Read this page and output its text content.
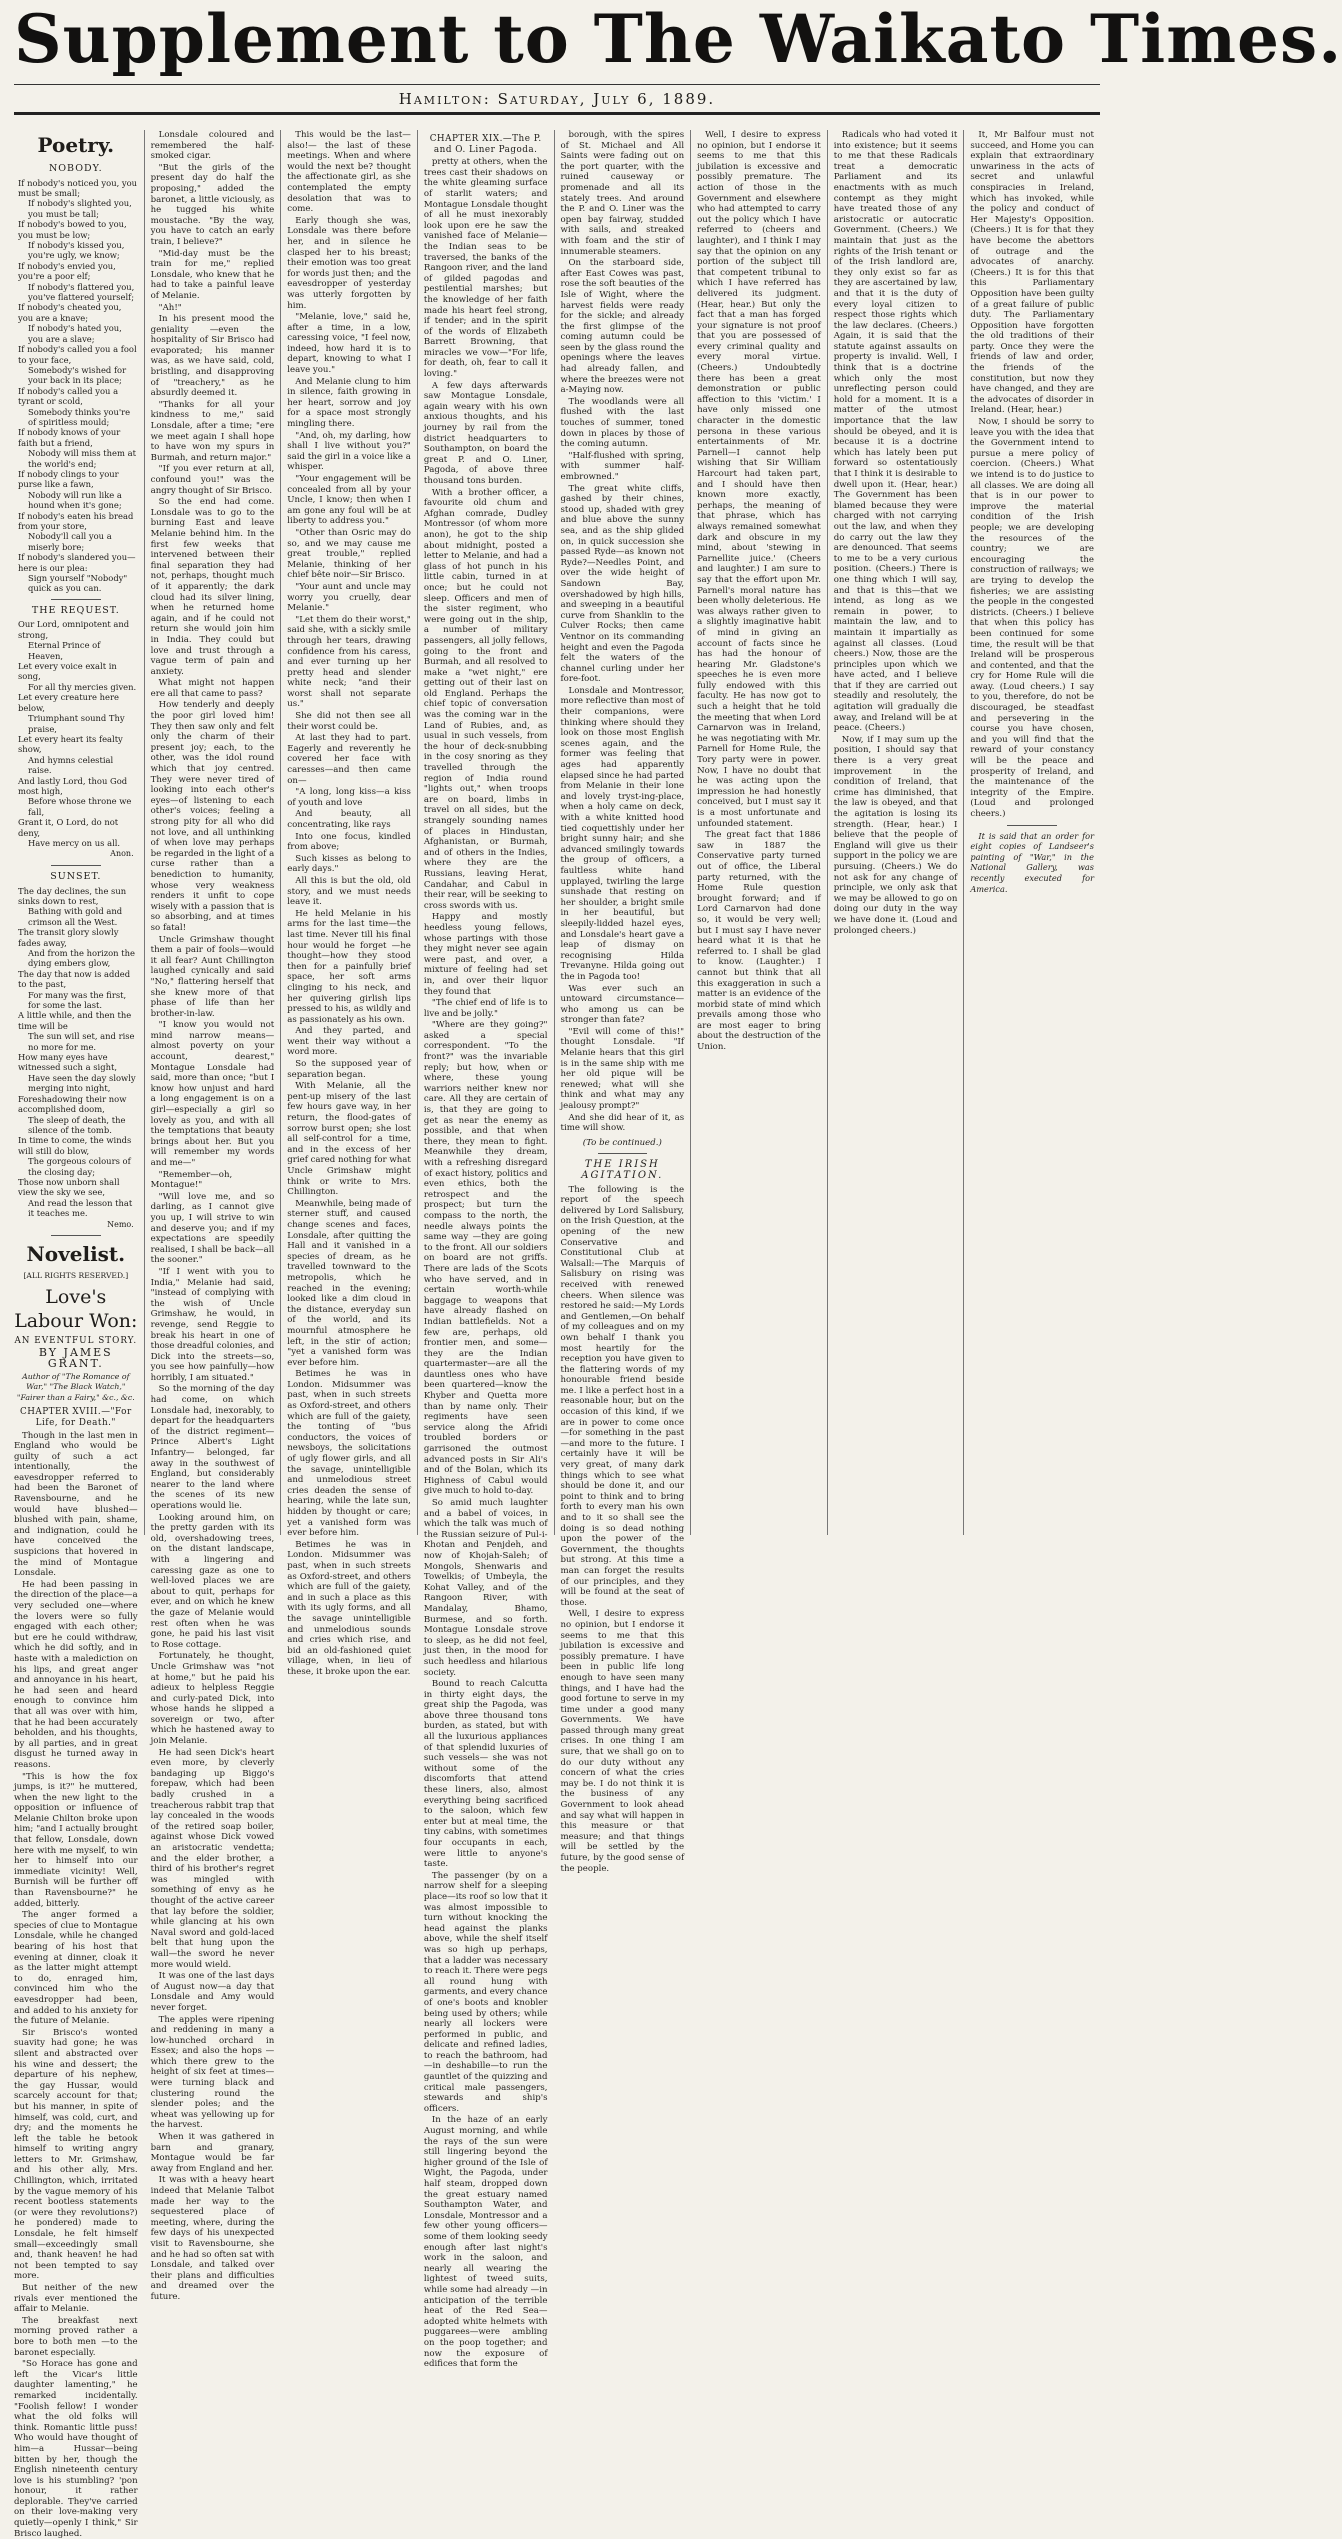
Supplement to The Waikato Times.
Hamilton: Saturday, July 6, 1889.
Poetry.
NOBODY.
If nobody's noticed you, you must be small;
If nobody's slighted you, you must be tall;
If nobody's bowed to you, you must be low;
If nobody's kissed you, you're ugly, we know;
If nobody's envied you, you're a poor elf;
If nobody's flattered you, you've flattered yourself;
If nobody's cheated you, you are a knave;
If nobody's hated you, you are a slave;
If nobody's called you a fool to your face,
Somebody's wished for your back in its place;
If nobody's called you a tyrant or scold,
Somebody thinks you're of spiritless mould;
If nobody knows of your faith but a friend,
Nobody will miss them at the world's end;
If nobody clings to your purse like a fawn,
Nobody will run like a hound when it's gone;
If nobody's eaten his bread from your store,
Nobody'll call you a miserly bore;
If nobody's slandered you—here is our plea:
Sign yourself "Nobody" quick as you can.
THE REQUEST.
Our Lord, omnipotent and strong,
Eternal Prince of Heaven,
Let every voice exalt in song,
For all thy mercies given.
Let every creature here below,
Triumphant sound Thy praise,
Let every heart its fealty show,
And hymns celestial raise.
And lastly Lord, thou God most high,
Before whose throne we fall,
Grant it, O Lord, do not deny,
Have mercy on us all.
Anon.
SUNSET.
The day declines, the sun sinks down to rest,
Bathing with gold and crimson all the West.
The transit glory slowly fades away,
And from the horizon the dying embers glow,
The day that now is added to the past,
For many was the first, for some the last.
A little while, and then the time will be
The sun will set, and rise no more for me.
How many eyes have witnessed such a sight,
Have seen the day slowly merging into night,
Foreshadowing their now accomplished doom,
The sleep of death, the silence of the tomb.
In time to come, the winds will still do blow,
The gorgeous colours of the closing day;
Those now unborn shall view the sky we see,
And read the lesson that it teaches me.
Nemo.
Novelist.
[ALL RIGHTS RESERVED.]
Love's Labour Won:
AN EVENTFUL STORY.
BY JAMES GRANT.
Author of "The Romance of War," "The Black Watch," "Fairer than a Fairy," &c., &c.
CHAPTER XVIII.—"For Life, for Death."

Though in the last men in England who would be guilty of such a act intentionally, the eavesdropper referred to had been the Baronet of Ravensbourne, and he would have blushed—blushed with pain, shame, and indignation, could he have conceived the suspicions that hovered in the mind of Montague Lonsdale.

He had been passing in the direction of the place—a very secluded one—where the lovers were so fully engaged with each other; but ere he could withdraw, which he did softly, and in haste with a malediction on his lips, and great anger and annoyance in his heart, he had seen and heard enough to convince him that all was over with him, that he had been accurately beholden, and his thoughts, by all parties, and in great disgust he turned away in reasons.

"This is how the fox jumps, is it?" he muttered, when the new light to the opposition or influence of Melanie Chilton broke upon him; "and I actually brought that fellow, Lonsdale, down here with me myself, to win her to himself into our immediate vicinity! Well, Burnish will be further off than Ravensbourne?" he added, bitterly.

The anger formed a species of clue to Montague Lonsdale, while he changed bearing of his host that evening at dinner, cloak it as the latter might attempt to do, enraged him, convinced him who the eavesdropper had been, and added to his anxiety for the future of Melanie.

Sir Brisco's wonted suavity had gone; he was silent and abstracted over his wine and dessert; the departure of his nephew, the gay Hussar, would scarcely account for that; but his manner, in spite of himself, was cold, curt, and dry; and the moments he left the table he betook himself to writing angry letters to Mr. Grimshaw, and his other ally, Mrs. Chillington, which, irritated by the vague memory of his recent bootless statements (or were they revolutions?) he pondered) made to Lonsdale, he felt himself small—exceedingly small and, thank heaven! he had not been tempted to say more.

But neither of the new rivals ever mentioned the affair to Melanie.

The breakfast next morning proved rather a bore to both men —to the baronet especially.

"So Horace has gone and left the Vicar's little daughter lamenting," he remarked incidentally. "Foolish fellow! I wonder what the old folks will think. Romantic little puss! Who would have thought of him—a Hussar—being bitten by her, though the English nineteenth century love is his stumbling? 'pon honour, it rather deplorable. They've carried on their love-making very quietly—openly I think," Sir Brisco laughed.

Lonsdale coloured and remembered the half-smoked cigar.

"But the girls of the present day do half the proposing," added the baronet, a little viciously, as he tugged his white moustache. "By the way, you have to catch an early train, I believe?"

"Mid-day must be the train for me," replied Lonsdale, who knew that he had to take a painful leave of Melanie.

"Ah!"

In his present mood the geniality —even the hospitality of Sir Brisco had evaporated; his manner was, as we have said, cold, bristling, and disapproving of "treachery," as he absurdly deemed it.

"Thanks for all your kindness to me," said Lonsdale, after a time; "ere we meet again I shall hope to have won my spurs in Burmah, and return major."

"If you ever return at all, confound you!" was the angry thought of Sir Brisco.

So the end had come. Lonsdale was to go to the burning East and leave Melanie behind him. In the first few weeks that intervened between their final separation they had not, perhaps, thought much of it apparently; the dark cloud had its silver lining, when he returned home again, and if he could not return she would join him in India. They could but love and trust through a vague term of pain and anxiety.

What might not happen ere all that came to pass?

How tenderly and deeply the poor girl loved him! They then saw only and felt only the charm of their present joy; each, to the other, was the idol round which that joy centred. They were never tired of looking into each other's eyes—of listening to each other's voices; feeling a strong pity for all who did not love, and all unthinking of when love may perhaps be regarded in the light of a curse rather than a benediction to humanity, whose very weakness renders it unfit to cope wisely with a passion that is so absorbing, and at times so fatal!

Uncle Grimshaw thought them a pair of fools—would it all fear? Aunt Chillington laughed cynically and said "No," flattering herself that she knew more of that phase of life than her brother-in-law.

"I know you would not mind narrow means—almost poverty on your account, dearest," Montague Lonsdale had said, more than once; "but I know how unjust and hard a long engagement is on a girl—especially a girl so lovely as you, and with all the temptations that beauty brings about her. But you will remember my words and me—"

"Remember—oh, Montague!"

"Will love me, and so darling, as I cannot give you up, I will strive to win and deserve you; and if my expectations are speedily realised, I shall be back—all the sooner."

"If I went with you to India," Melanie had said, "instead of complying with the wish of Uncle Grimshaw, he would, in revenge, send Reggie to break his heart in one of those dreadful colonies, and Dick into the streets—so, you see how painfully—how horribly, I am situated."

So the morning of the day had come, on which Lonsdale had, inexorably, to depart for the headquarters of the district regiment— Prince Albert's Light Infantry— belonged, far away in the southwest of England, but considerably nearer to the land where the scenes of its new operations would lie.

Looking around him, on the pretty garden with its old, overshadowing trees, on the distant landscape, with a lingering and caressing gaze as one to well-loved places we are about to quit, perhaps for ever, and on which he knew the gaze of Melanie would rest often when he was gone, he paid his last visit to Rose cottage.

Fortunately, he thought, Uncle Grimshaw was "not at home," but he paid his adieux to helpless Reggie and curly-pated Dick, into whose hands he slipped a sovereign or two, after which he hastened away to join Melanie.

He had seen Dick's heart even more, by cleverly bandaging up Biggo's forepaw, which had been badly crushed in a treacherous rabbit trap that lay concealed in the woods of the retired soap boiler, against whose Dick vowed an aristocratic vendetta; and the elder brother, a third of his brother's regret was mingled with something of envy as he thought of the active career that lay before the soldier, while glancing at his own Naval sword and gold-laced belt that hung upon the wall—the sword he never more would wield.

It was one of the last days of August now—a day that Lonsdale and Amy would never forget.

The apples were ripening and reddening in many a low-hunched orchard in Essex; and also the hops —which there grew to the height of six feet at times—were turning black and clustering round the slender poles; and the wheat was yellowing up for the harvest.

When it was gathered in barn and granary, Montague would be far away from England and her.

It was with a heavy heart indeed that Melanie Talbot made her way to the sequestered place of meeting, where, during the few days of his unexpected visit to Ravensbourne, she and he had so often sat with Lonsdale, and talked over their plans and difficulties and dreamed over the future.

This would be the last—also!— the last of these meetings. When and where would the next be? thought the affectionate girl, as she contemplated the empty desolation that was to come.

Early though she was, Lonsdale was there before her, and in silence he clasped her to his breast; their emotion was too great for words just then; and the eavesdropper of yesterday was utterly forgotten by him.

"Melanie, love," said he, after a time, in a low, caressing voice, "I feel now, indeed, how hard it is to depart, knowing to what I leave you."

And Melanie clung to him in silence, faith growing in her heart, sorrow and joy for a space most strongly mingling there.

"And, oh, my darling, how shall I live without you?" said the girl in a voice like a whisper.

"Your engagement will be concealed from all by your Uncle, I know; then when I am gone any foul will be at liberty to address you."

"Other than Osric may do so, and we may cause me great trouble," replied Melanie, thinking of her chief bête noir—Sir Brisco.

"Your aunt and uncle may worry you cruelly, dear Melanie."

"Let them do their worst," said she, with a sickly smile through her tears, drawing confidence from his caress, and ever turning up her pretty head and slender white neck; "and their worst shall not separate us."

She did not then see all their worst could be.

At last they had to part. Eagerly and reverently he covered her face with caresses—and then came on—

"A long, long kiss—a kiss of youth and love

And beauty, all concentrating, like rays

Into one focus, kindled from above;

Such kisses as belong to early days."

All this is but the old, old story, and we must needs leave it.

He held Melanie in his arms for the last time—the last time. Never till his final hour would he forget —he thought—how they stood then for a painfully brief space, her soft arms clinging to his neck, and her quivering girlish lips pressed to his, as wildly and as passionately as his own.

And they parted, and went their way without a word more.

So the supposed year of separation began.

With Melanie, all the pent-up misery of the last few hours gave way, in her return, the flood-gates of sorrow burst open; she lost all self-control for a time, and in the excess of her grief cared nothing for what Uncle Grimshaw might think or write to Mrs. Chillington.

Meanwhile, being made of sterner stuff, and caused change scenes and faces, Lonsdale, after quitting the Hall and it vanished in a species of dream, as he travelled townward to the metropolis, which he reached in the evening; looked like a dim cloud in the distance, everyday sun of the world, and its mournful atmosphere he left, in the stir of action; "yet a vanished form was ever before him.

Betimes he was in London. Midsummer was past, when in such streets as Oxford-street, and others which are full of the gaiety, the tonting of "bus conductors, the voices of newsboys, the solicitations of ugly flower girls, and all the savage, unintelligible and unmelodious street cries deaden the sense of hearing, while the late sun, hidden by thought or care; yet a vanished form was ever before him.

Betimes he was in London. Midsummer was past, when in such streets as Oxford-street, and others which are full of the gaiety, and in such a place as this with its ugly forms, and all the savage unintelligible and unmelodious sounds and cries which rise, and bid an old-fashioned quiet village, when, in lieu of these, it broke upon the ear.

CHAPTER XIX.—The P. and O. Liner Pagoda.

pretty at others, when the trees cast their shadows on the white gleaming surface of starlit waters; and Montague Lonsdale thought of all he must inexorably look upon ere he saw the vanished face of Melanie—the Indian seas to be traversed, the banks of the Rangoon river, and the land of gilded pagodas and pestilential marshes; but the knowledge of her faith made his heart feel strong, if tender; and in the spirit of the words of Elizabeth Barrett Browning, that miracles we vow—"For life, for death, oh, fear to call it loving."

A few days afterwards saw Montague Lonsdale, again weary with his own anxious thoughts, and his journey by rail from the district headquarters to Southampton, on board the great P. and O. Liner, Pagoda, of above three thousand tons burden.

With a brother officer, a favourite old chum and Afghan comrade, Dudley Montressor (of whom more anon), he got to the ship about midnight, posted a letter to Melanie, and had a glass of hot punch in his little cabin, turned in at once; but he could not sleep. Officers and men of the sister regiment, who were going out in the ship, a number of military passengers, all jolly fellows, going to the front and Burmah, and all resolved to make a "wet night," ere getting out of their last on old England. Perhaps the chief topic of conversation was the coming war in the Land of Rubies, and, as usual in such vessels, from the hour of deck-snubbing in the cosy snoring as they travelled through the region of India round "lights out," when troops are on board, limbs in travel on all sides, but the strangely sounding names of places in Hindustan, Afghanistan, or Burmah, and of others in the Indies, where they are the Russians, leaving Herat, Candahar, and Cabul in their rear, will be seeking to cross swords with us.

Happy and mostly heedless young fellows, whose partings with those they might never see again were past, and over, a mixture of feeling had set in, and over their liquor they found that

"The chief end of life is to live and be jolly."

"Where are they going?" asked a special correspondent. "To the front?" was the invariable reply; but how, when or where, these young warriors neither knew nor care. All they are certain of is, that they are going to get as near the enemy as possible, and that when there, they mean to fight. Meanwhile they dream, with a refreshing disregard of exact history, politics and even ethics, both the retrospect and the prospect; but turn the compass to the north, the needle always points the same way —they are going to the front. All our soldiers on board are not griffs. There are lads of the Scots who have served, and in certain worth-while baggage to weapons that have already flashed on Indian battlefields. Not a few are, perhaps, old frontier men, and some—they are the Indian quartermaster—are all the dauntless ones who have been quartered—know the Khyber and Quetta more than by name only. Their regiments have seen service along the Afridi troubled borders or garrisoned the outmost advanced posts in Sir Ali's and of the Bolan, which its Highness of Cabul would give much to hold to-day.

So amid much laughter and a babel of voices, in which the talk was much of the Russian seizure of Pul-i-Khotan and Penjdeh, and now of Khojah-Saleh; of Mongols, Shenwaris and Towelkis; of Umbeyla, the Kohat Valley, and of the Rangoon River, with Mandalay, Bhamo, Burmese, and so forth. Montague Lonsdale strove to sleep, as he did not feel, just then, in the mood for such heedless and hilarious society.

Bound to reach Calcutta in thirty eight days, the great ship the Pagoda, was above three thousand tons burden, as stated, but with all the luxurious appliances of that splendid luxuries of such vessels— she was not without some of the discomforts that attend these liners, also, almost everything being sacrificed to the saloon, which few enter but at meal time, the tiny cabins, with sometimes four occupants in each, were little to anyone's taste.

The passenger (by on a narrow shelf for a sleeping place—its roof so low that it was almost impossible to turn without knocking the head against the planks above, while the shelf itself was so high up perhaps, that a ladder was necessary to reach it. There were pegs all round hung with garments, and every chance of one's boots and knobler being used by others; while nearly all lockers were performed in public, and delicate and refined ladies, to reach the bathroom, had—in deshabille—to run the gauntlet of the quizzing and critical male passengers, stewards and ship's officers.

In the haze of an early August morning, and while the rays of the sun were still lingering beyond the higher ground of the Isle of Wight, the Pagoda, under half steam, dropped down the great estuary named Southampton Water, and Lonsdale, Montressor and a few other young officers—some of them looking seedy enough after last night's work in the saloon, and nearly all wearing the lightest of tweed suits, while some had already —in anticipation of the terrible heat of the Red Sea—adopted white helmets with puggarees—were ambling on the poop together; and now the exposure of edifices that form the

borough, with the spires of St. Michael and All Saints were fading out on the port quarter, with the ruined causeway or promenade and all its stately trees. And around the P. and O. Liner was the open bay fairway, studded with sails, and streaked with foam and the stir of innumerable steamers.

On the starboard side, after East Cowes was past, rose the soft beauties of the Isle of Wight, where the harvest fields were ready for the sickle; and already the first glimpse of the coming autumn could be seen by the glass round the openings where the leaves had already fallen, and where the breezes were not a-Maying now.

The woodlands were all flushed with the last touches of summer, toned down in places by those of the coming autumn.

"Half-flushed with spring, with summer half-embrowned."

The great white cliffs, gashed by their chines, stood up, shaded with grey and blue above the sunny sea, and as the ship glided on, in quick succession she passed Ryde—as known not Ryde?—Needles Point, and over the wide height of Sandown Bay, overshadowed by high hills, and sweeping in a beautiful curve from Shanklin to the Culver Rocks; then came Ventnor on its commanding height and even the Pagoda felt the waters of the channel curling under her fore-foot.

Lonsdale and Montressor, more reflective than most of their companions, were thinking where should they look on those most English scenes again, and the former was feeling that ages had apparently elapsed since he had parted from Melanie in their lone and lovely tryst-ing-place, when a holy came on deck, with a white knitted hood tied coquettishly under her bright sunny hair; and she advanced smilingly towards the group of officers, a faultless white hand upplayed, twirling the large sunshade that resting on her shoulder, a bright smile in her beautiful, but sleepily-lidded hazel eyes, and Lonsdale's heart gave a leap of dismay on recognising Hilda Trevanyne. Hilda going out the in Pagoda too!

Was ever such an untoward circumstance—who among us can be stronger than fate?

"Evil will come of this!" thought Lonsdale. "If Melanie hears that this girl is in the same ship with me her old pique will be renewed; what will she think and what may any jealousy prompt?"

And she did hear of it, as time will show.

(To be continued.)
THE IRISH AGITATION.

The following is the report of the speech delivered by Lord Salisbury, on the Irish Question, at the opening of the new Conservative and Constitutional Club at Walsall:—The Marquis of Salisbury on rising was received with renewed cheers. When silence was restored he said:—My Lords and Gentlemen,—On behalf of my colleagues and on my own behalf I thank you most heartily for the reception you have given to the flattering words of my honourable friend beside me. I like a perfect host in a reasonable hour, but on the occasion of this kind, if we are in power to come once—for something in the past—and more to the future. I certainly have it will be very great, of many dark things which to see what should be done it, and our point to think and to bring forth to every man his own and to it so shall see the doing is so dead nothing upon the power of the Government, the thoughts but strong. At this time a man can forget the results of our principles, and they will be found at the seat of those.

Well, I desire to express no opinion, but I endorse it seems to me that this jubilation is excessive and possibly premature. I have been in public life long enough to have seen many things, and I have had the good fortune to serve in my time under a good many Governments. We have passed through many great crises. In one thing I am sure, that we shall go on to do our duty without any concern of what the cries may be. I do not think it is the business of any Government to look ahead and say what will happen in this measure or that measure; and that things will be settled by the future, by the good sense of the people.

Well, I desire to express no opinion, but I endorse it seems to me that this jubilation is excessive and possibly premature. The action of those in the Government and elsewhere who had attempted to carry out the policy which I have referred to (cheers and laughter), and I think I may say that the opinion on any portion of the subject till that competent tribunal to which I have referred has delivered its judgment. (Hear, hear.) But only the fact that a man has forged your signature is not proof that you are possessed of every criminal quality and every moral virtue. (Cheers.) Undoubtedly there has been a great demonstration or public affection to this 'victim.' I have only missed one character in the domestic persona in these various entertainments of Mr. Parnell—I cannot help wishing that Sir William Harcourt had taken part, and I should have then known more exactly, perhaps, the meaning of that phrase, which has always remained somewhat dark and obscure in my mind, about 'stewing in Parnellite juice.' (Cheers and laughter.) I am sure to say that the effort upon Mr. Parnell's moral nature has been wholly deleterious. He was always rather given to a slightly imaginative habit of mind in giving an account of facts since he has had the honour of hearing Mr. Gladstone's speeches he is even more fully endowed with this faculty. He has now got to such a height that he told the meeting that when Lord Carnarvon was in Ireland, he was negotiating with Mr. Parnell for Home Rule, the Tory party were in power. Now, I have no doubt that he was acting upon the impression he had honestly conceived, but I must say it is a most unfortunate and unfounded statement.

The great fact that 1886 saw in 1887 the Conservative party turned out of office, the Liberal party returned, with the Home Rule question brought forward; and if Lord Carnarvon had done so, it would be very well; but I must say I have never heard what it is that he referred to. I shall be glad to know. (Laughter.) I cannot but think that all this exaggeration in such a matter is an evidence of the morbid state of mind which prevails among those who are most eager to bring about the destruction of the Union.

Radicals who had voted it into existence; but it seems to me that these Radicals treat a democratic Parliament and its enactments with as much contempt as they might have treated those of any aristocratic or autocratic Government. (Cheers.) We maintain that just as the rights of the Irish tenant or of the Irish landlord are, they only exist so far as they are ascertained by law, and that it is the duty of every loyal citizen to respect those rights which the law declares. (Cheers.) Again, it is said that the statute against assaults on property is invalid. Well, I think that is a doctrine which only the most unreflecting person could hold for a moment. It is a matter of the utmost importance that the law should be obeyed, and it is because it is a doctrine which has lately been put forward so ostentatiously that I think it is desirable to dwell upon it. (Hear, hear.) The Government has been blamed because they were charged with not carrying out the law, and when they do carry out the law they are denounced. That seems to me to be a very curious position. (Cheers.) There is one thing which I will say, and that is this—that we intend, as long as we remain in power, to maintain the law, and to maintain it impartially as against all classes. (Loud cheers.) Now, those are the principles upon which we have acted, and I believe that if they are carried out steadily and resolutely, the agitation will gradually die away, and Ireland will be at peace. (Cheers.)

Now, if I may sum up the position, I should say that there is a very great improvement in the condition of Ireland, that crime has diminished, that the law is obeyed, and that the agitation is losing its strength. (Hear, hear.) I believe that the people of England will give us their support in the policy we are pursuing. (Cheers.) We do not ask for any change of principle, we only ask that we may be allowed to go on doing our duty in the way we have done it. (Loud and prolonged cheers.)

It, Mr Balfour must not succeed, and Home you can explain that extraordinary unwariness in the acts of secret and unlawful conspiracies in Ireland, which has invoked, while the policy and conduct of Her Majesty's Opposition. (Cheers.) It is for that they have become the abettors of outrage and the advocates of anarchy. (Cheers.) It is for this that this Parliamentary Opposition have been guilty of a great failure of public duty. The Parliamentary Opposition have forgotten the old traditions of their party. Once they were the friends of law and order, the friends of the constitution, but now they have changed, and they are the advocates of disorder in Ireland. (Hear, hear.)

Now, I should be sorry to leave you with the idea that the Government intend to pursue a mere policy of coercion. (Cheers.) What we intend is to do justice to all classes. We are doing all that is in our power to improve the material condition of the Irish people; we are developing the resources of the country; we are encouraging the construction of railways; we are trying to develop the fisheries; we are assisting the people in the congested districts. (Cheers.) I believe that when this policy has been continued for some time, the result will be that Ireland will be prosperous and contented, and that the cry for Home Rule will die away. (Loud cheers.) I say to you, therefore, do not be discouraged, be steadfast and persevering in the course you have chosen, and you will find that the reward of your constancy will be the peace and prosperity of Ireland, and the maintenance of the integrity of the Empire. (Loud and prolonged cheers.)

It is said that an order for eight copies of Landseer's painting of "War," in the National Gallery, was recently executed for America.
